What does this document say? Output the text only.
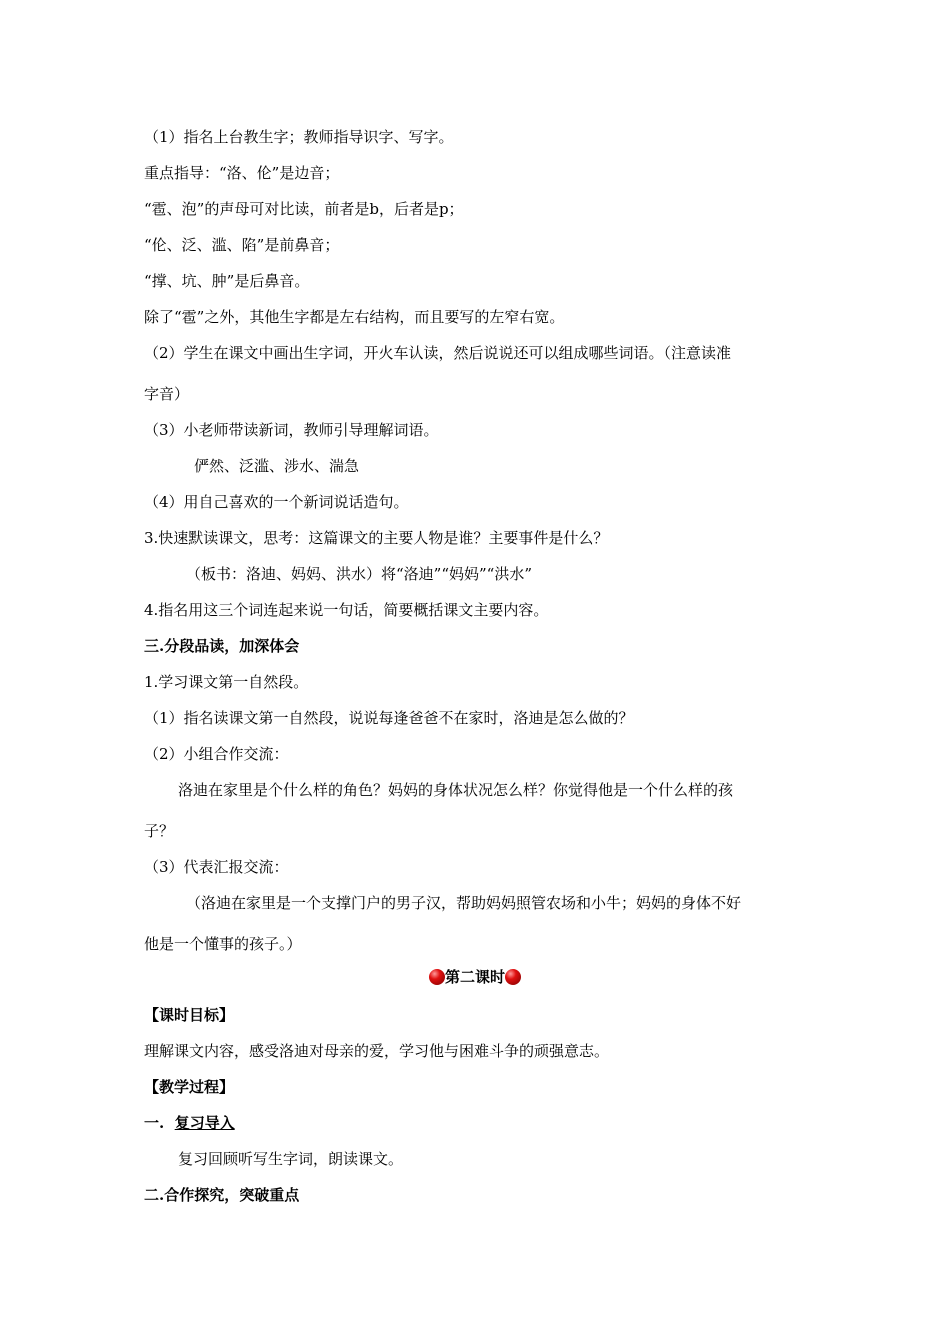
（1）指名上台教生字；教师指导识字、写字。
重点指导：“洛、伦”是边音；
“雹、泡”的声母可对比读，前者是b，后者是p；
“伦、泛、滥、陷”是前鼻音；
“撑、坑、肿”是后鼻音。
除了“雹”之外，其他生字都是左右结构，而且要写的左窄右宽。
（2）学生在课文中画出生字词，开火车认读，然后说说还可以组成哪些词语。（注意读准
字音）
（3）小老师带读新词，教师引导理解词语。
俨然、泛滥、涉水、湍急
（4）用自己喜欢的一个新词说话造句。
3.快速默读课文，思考：这篇课文的主要人物是谁？主要事件是什么？
（板书：洛迪、妈妈、洪水）将“洛迪”“妈妈”“洪水”
4.指名用这三个词连起来说一句话，简要概括课文主要内容。
三.分段品读，加深体会
1.学习课文第一自然段。
（1）指名读课文第一自然段，说说每逢爸爸不在家时，洛迪是怎么做的？
（2）小组合作交流：
洛迪在家里是个什么样的角色？妈妈的身体状况怎么样？你觉得他是一个什么样的孩
子？
（3）代表汇报交流：
（洛迪在家里是一个支撑门户的男子汉，帮助妈妈照管农场和小牛；妈妈的身体不好
他是一个懂事的孩子。）
第二课时
【课时目标】
理解课文内容，感受洛迪对母亲的爱，学习他与困难斗争的顽强意志。
【教学过程】
一. 复习导入
复习回顾听写生字词，朗读课文。
二.合作探究，突破重点
